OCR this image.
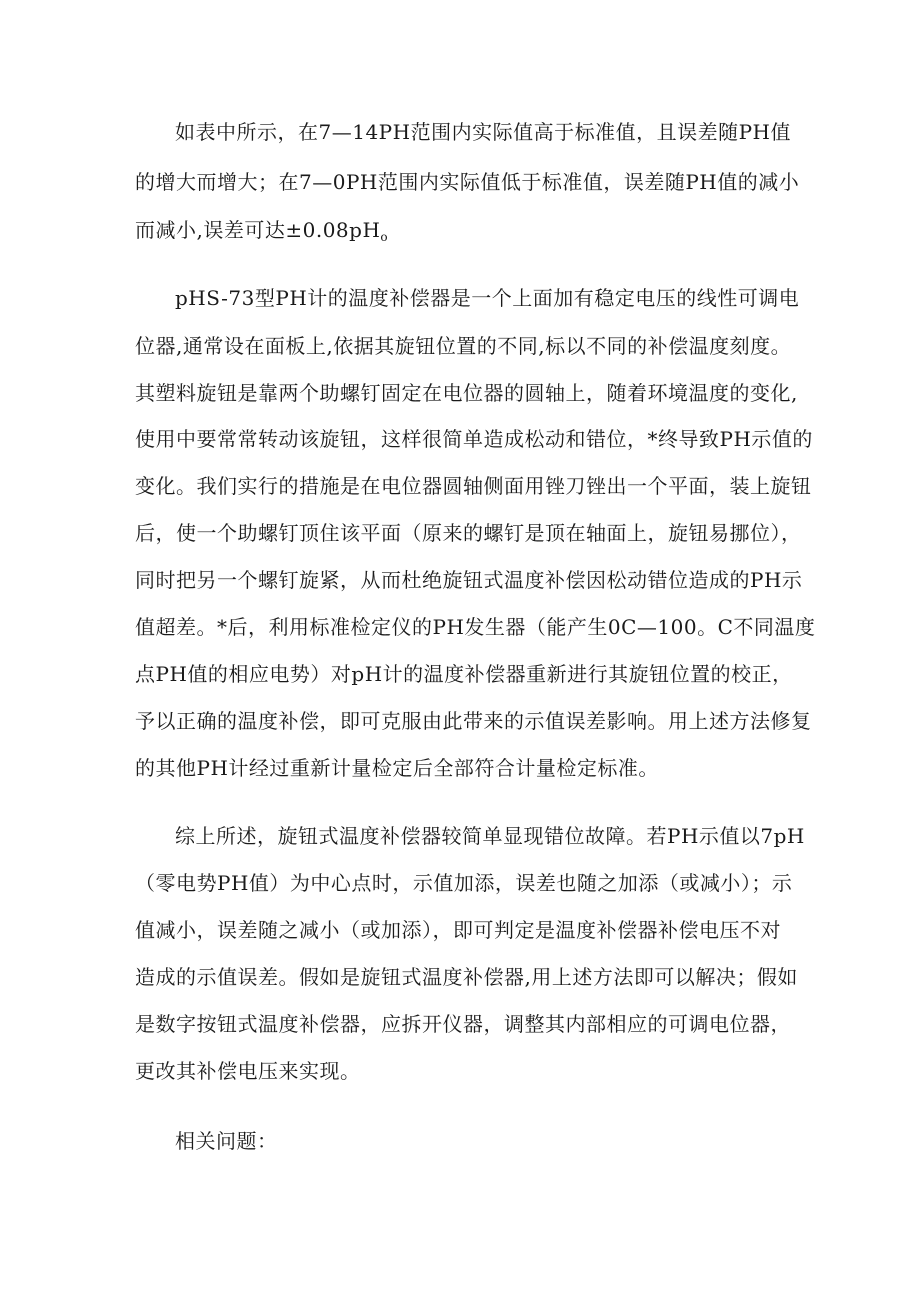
如表中所示，在7—14PH范围内实际值高于标准值，且误差随PH值
的增大而增大；在7—0PH范围内实际值低于标准值，误差随PH值的减小
而减小,误差可达$\pm 0.08pH_o$
pHS-73型PH计的温度补偿器是一个上面加有稳定电压的线性可调电
位器,通常设在面板上,依据其旋钮位置的不同,标以不同的补偿温度刻度。
其塑料旋钮是靠两个助螺钉固定在电位器的圆轴上，随着环境温度的变化,
使用中要常常转动该旋钮，这样很简单造成松动和错位，*终导致PH示值的
变化。我们实行的措施是在电位器圆轴侧面用锉刀锉出一个平面，装上旋钮
后，使一个助螺钉顶住该平面（原来的螺钉是顶在轴面上，旋钮易挪位），
同时把另一个螺钉旋紧，从而杜绝旋钮式温度补偿因松动错位造成的PH示
值超差。*后，利用标准检定仪的PH发生器（能产生0C—100。C不同温度
点PH值的相应电势）对pH计的温度补偿器重新进行其旋钮位置的校正，
予以正确的温度补偿，即可克服由此带来的示值误差影响。用上述方法修复
的其他PH计经过重新计量检定后全部符合计量检定标准。
综上所述，旋钮式温度补偿器较简单显现错位故障。若PH示值以7pH
（零电势PH值）为中心点时，示值加添，误差也随之加添（或减小）；示
值减小，误差随之减小（或加添），即可判定是温度补偿器补偿电压不对
造成的示值误差。假如是旋钮式温度补偿器,用上述方法即可以解决；假如
是数字按钮式温度补偿器，应拆开仪器，调整其内部相应的可调电位器，
更改其补偿电压来实现。
相关问题：
